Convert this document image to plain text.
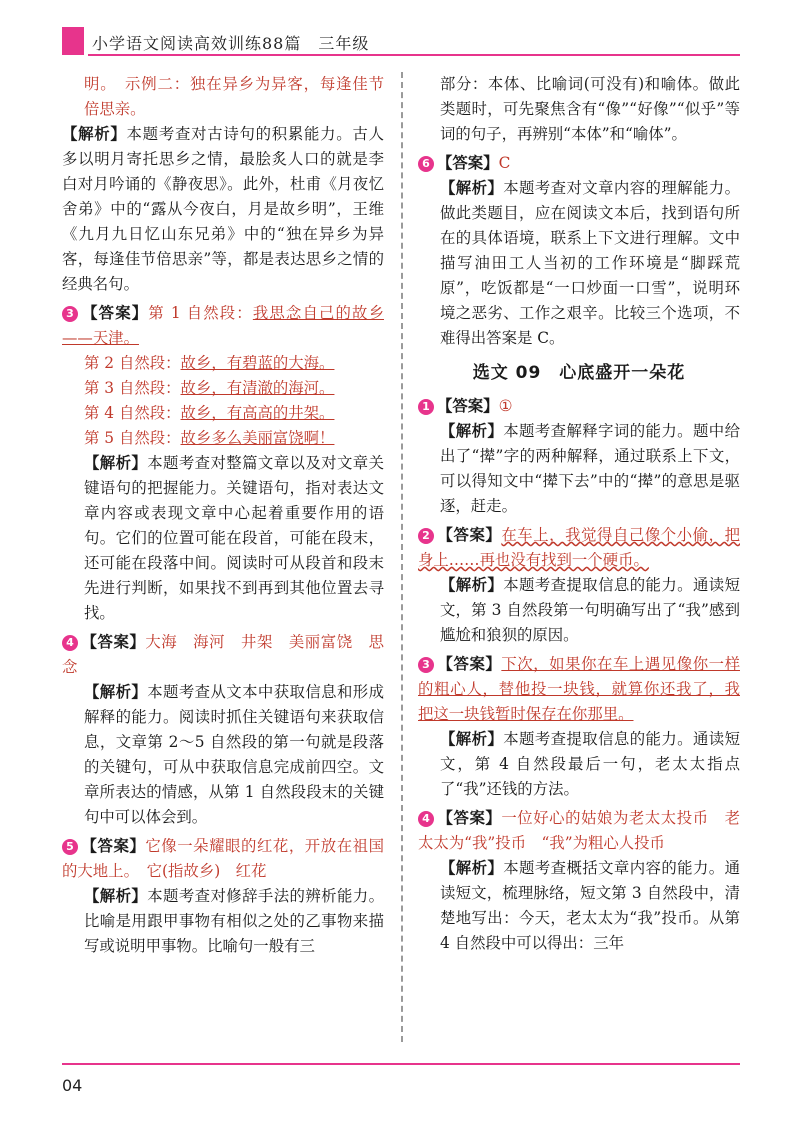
小学语文阅读高效训练88篇　三年级

明。　示例二：独在异乡为异客，每逢佳节倍思亲。

【解析】本题考查对古诗句的积累能力。古人多以明月寄托思乡之情，最脍炙人口的就是李白对月吟诵的《静夜思》。此外，杜甫《月夜忆舍弟》中的“露从今夜白，月是故乡明”，王维《九月九日忆山东兄弟》中的“独在异乡为异客，每逢佳节倍思亲”等，都是表达思乡之情的经典名句。

3 【答案】第 1 自然段：我思念自己的故乡——天津。

第 2 自然段：故乡，有碧蓝的大海。

第 3 自然段：故乡，有清澈的海河。

第 4 自然段：故乡，有高高的井架。

第 5 自然段：故乡多么美丽富饶啊！

【解析】本题考查对整篇文章以及对文章关键语句的把握能力。关键语句，指对表达文章内容或表现文章中心起着重要作用的语句。它们的位置可能在段首，可能在段末，还可能在段落中间。阅读时可从段首和段末先进行判断，如果找不到再到其他位置去寻找。

4 【答案】大海　海河　井架　美丽富饶　思念

【解析】本题考查从文本中获取信息和形成解释的能力。阅读时抓住关键语句来获取信息，文章第 2～5 自然段的第一句就是段落的关键句，可从中获取信息完成前四空。文章所表达的情感，从第 1 自然段段末的关键句中可以体会到。

5 【答案】它像一朵耀眼的红花，开放在祖国的大地上。　它(指故乡)　红花

【解析】本题考查对修辞手法的辨析能力。比喻是用跟甲事物有相似之处的乙事物来描写或说明甲事物。比喻句一般有三

部分：本体、比喻词(可没有)和喻体。做此类题时，可先聚焦含有“像”“好像”“似乎”等词的句子，再辨别“本体”和“喻体”。

6 【答案】C

【解析】本题考查对文章内容的理解能力。做此类题目，应在阅读文本后，找到语句所在的具体语境，联系上下文进行理解。文中描写油田工人当初的工作环境是“脚踩荒原”，吃饭都是“一口炒面一口雪”，说明环境之恶劣、工作之艰辛。比较三个选项，不难得出答案是 C。

选文 09　心底盛开一朵花

1 【答案】①

【解析】本题考查解释字词的能力。题中给出了“撵”字的两种解释，通过联系上下文，可以得知文中“撵下去”中的“撵”的意思是驱逐，赶走。

2 【答案】在车上，我觉得自己像个小偷，把身上……再也没有找到一个硬币。

【解析】本题考查提取信息的能力。通读短文，第 3 自然段第一句明确写出了“我”感到尴尬和狼狈的原因。

3 【答案】下次，如果你在车上遇见像你一样的粗心人，替他投一块钱，就算你还我了，我把这一块钱暂时保存在你那里。

【解析】本题考查提取信息的能力。通读短文，第 4 自然段最后一句，老太太指点了“我”还钱的方法。

4 【答案】一位好心的姑娘为老太太投币　老太太为“我”投币　“我”为粗心人投币

【解析】本题考查概括文章内容的能力。通读短文，梳理脉络，短文第 3 自然段中，清楚地写出：今天，老太太为“我”投币。从第 4 自然段中可以得出：三年

04
